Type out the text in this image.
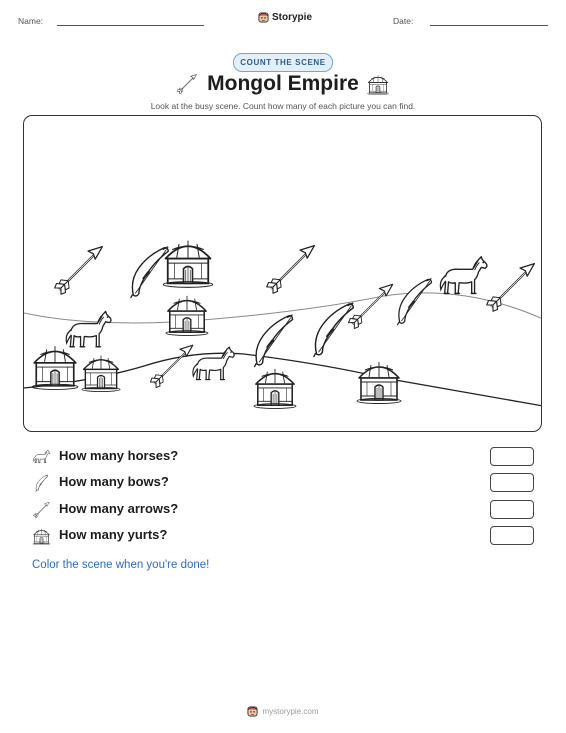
Name:	Storypie	Date:
COUNT THE SCENE
Mongol Empire
Look at the busy scene. Count how many of each picture you can find.
How many horses?
How many bows?
How many arrows?
How many yurts?
Color the scene when you're done!
mystorypie.com
